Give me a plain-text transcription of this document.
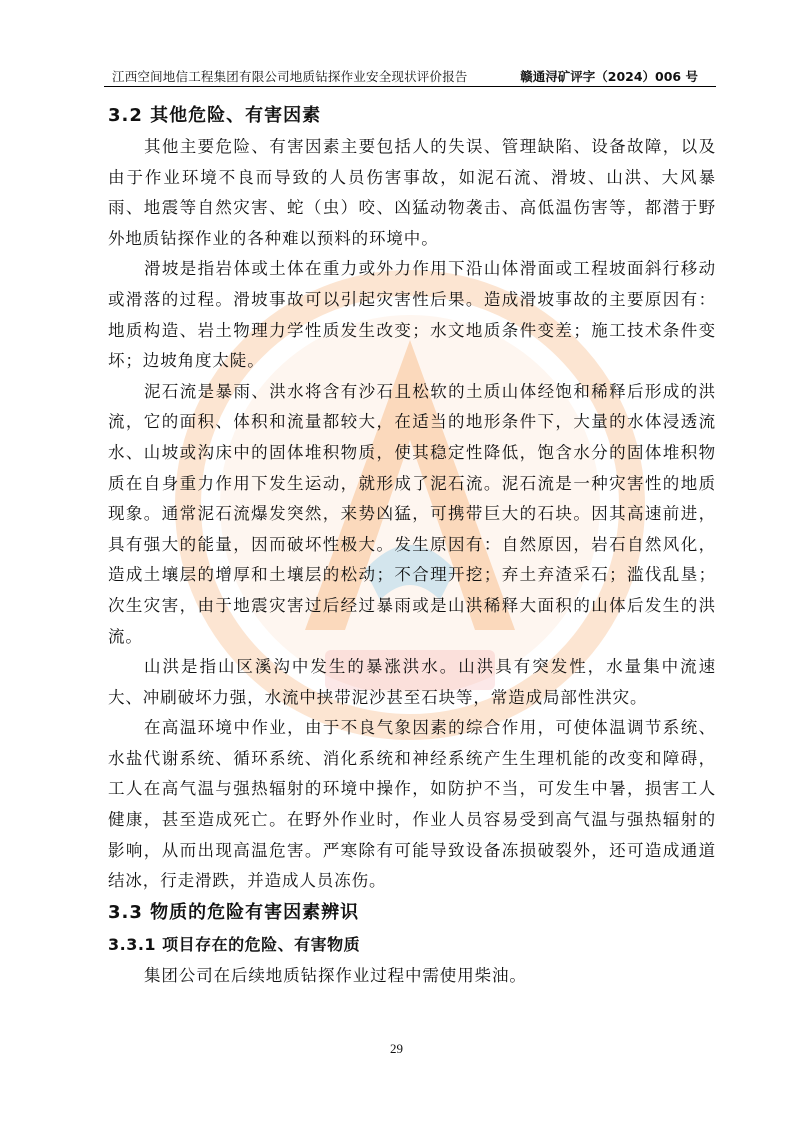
江西空间地信工程集团有限公司地质钻探作业安全现状评价报告	赣通浔矿评字（2024）006 号
3.2 其他危险、有害因素

其他主要危险、有害因素主要包括人的失误、管理缺陷、设备故障，以及由于作业环境不良而导致的人员伤害事故，如泥石流、滑坡、山洪、大风暴雨、地震等自然灾害、蛇（虫）咬、凶猛动物袭击、高低温伤害等，都潜于野外地质钻探作业的各种难以预料的环境中。

滑坡是指岩体或土体在重力或外力作用下沿山体滑面或工程坡面斜行移动或滑落的过程。滑坡事故可以引起灾害性后果。造成滑坡事故的主要原因有：地质构造、岩土物理力学性质发生改变；水文地质条件变差；施工技术条件变坏；边坡角度太陡。

泥石流是暴雨、洪水将含有沙石且松软的土质山体经饱和稀释后形成的洪流，它的面积、体积和流量都较大，在适当的地形条件下，大量的水体浸透流水、山坡或沟床中的固体堆积物质，使其稳定性降低，饱含水分的固体堆积物质在自身重力作用下发生运动，就形成了泥石流。泥石流是一种灾害性的地质现象。通常泥石流爆发突然，来势凶猛，可携带巨大的石块。因其高速前进，具有强大的能量，因而破坏性极大。发生原因有：自然原因，岩石自然风化，造成土壤层的增厚和土壤层的松动；不合理开挖；弃土弃渣采石；滥伐乱垦；次生灾害，由于地震灾害过后经过暴雨或是山洪稀释大面积的山体后发生的洪流。

山洪是指山区溪沟中发生的暴涨洪水。山洪具有突发性，水量集中流速大、冲刷破坏力强，水流中挟带泥沙甚至石块等，常造成局部性洪灾。

在高温环境中作业，由于不良气象因素的综合作用，可使体温调节系统、水盐代谢系统、循环系统、消化系统和神经系统产生生理机能的改变和障碍，工人在高气温与强热辐射的环境中操作，如防护不当，可发生中暑，损害工人健康，甚至造成死亡。在野外作业时，作业人员容易受到高气温与强热辐射的影响，从而出现高温危害。严寒除有可能导致设备冻损破裂外，还可造成通道结冰，行走滑跌，并造成人员冻伤。

3.3 物质的危险有害因素辨识
3.3.1 项目存在的危险、有害物质

集团公司在后续地质钻探作业过程中需使用柴油。

29
